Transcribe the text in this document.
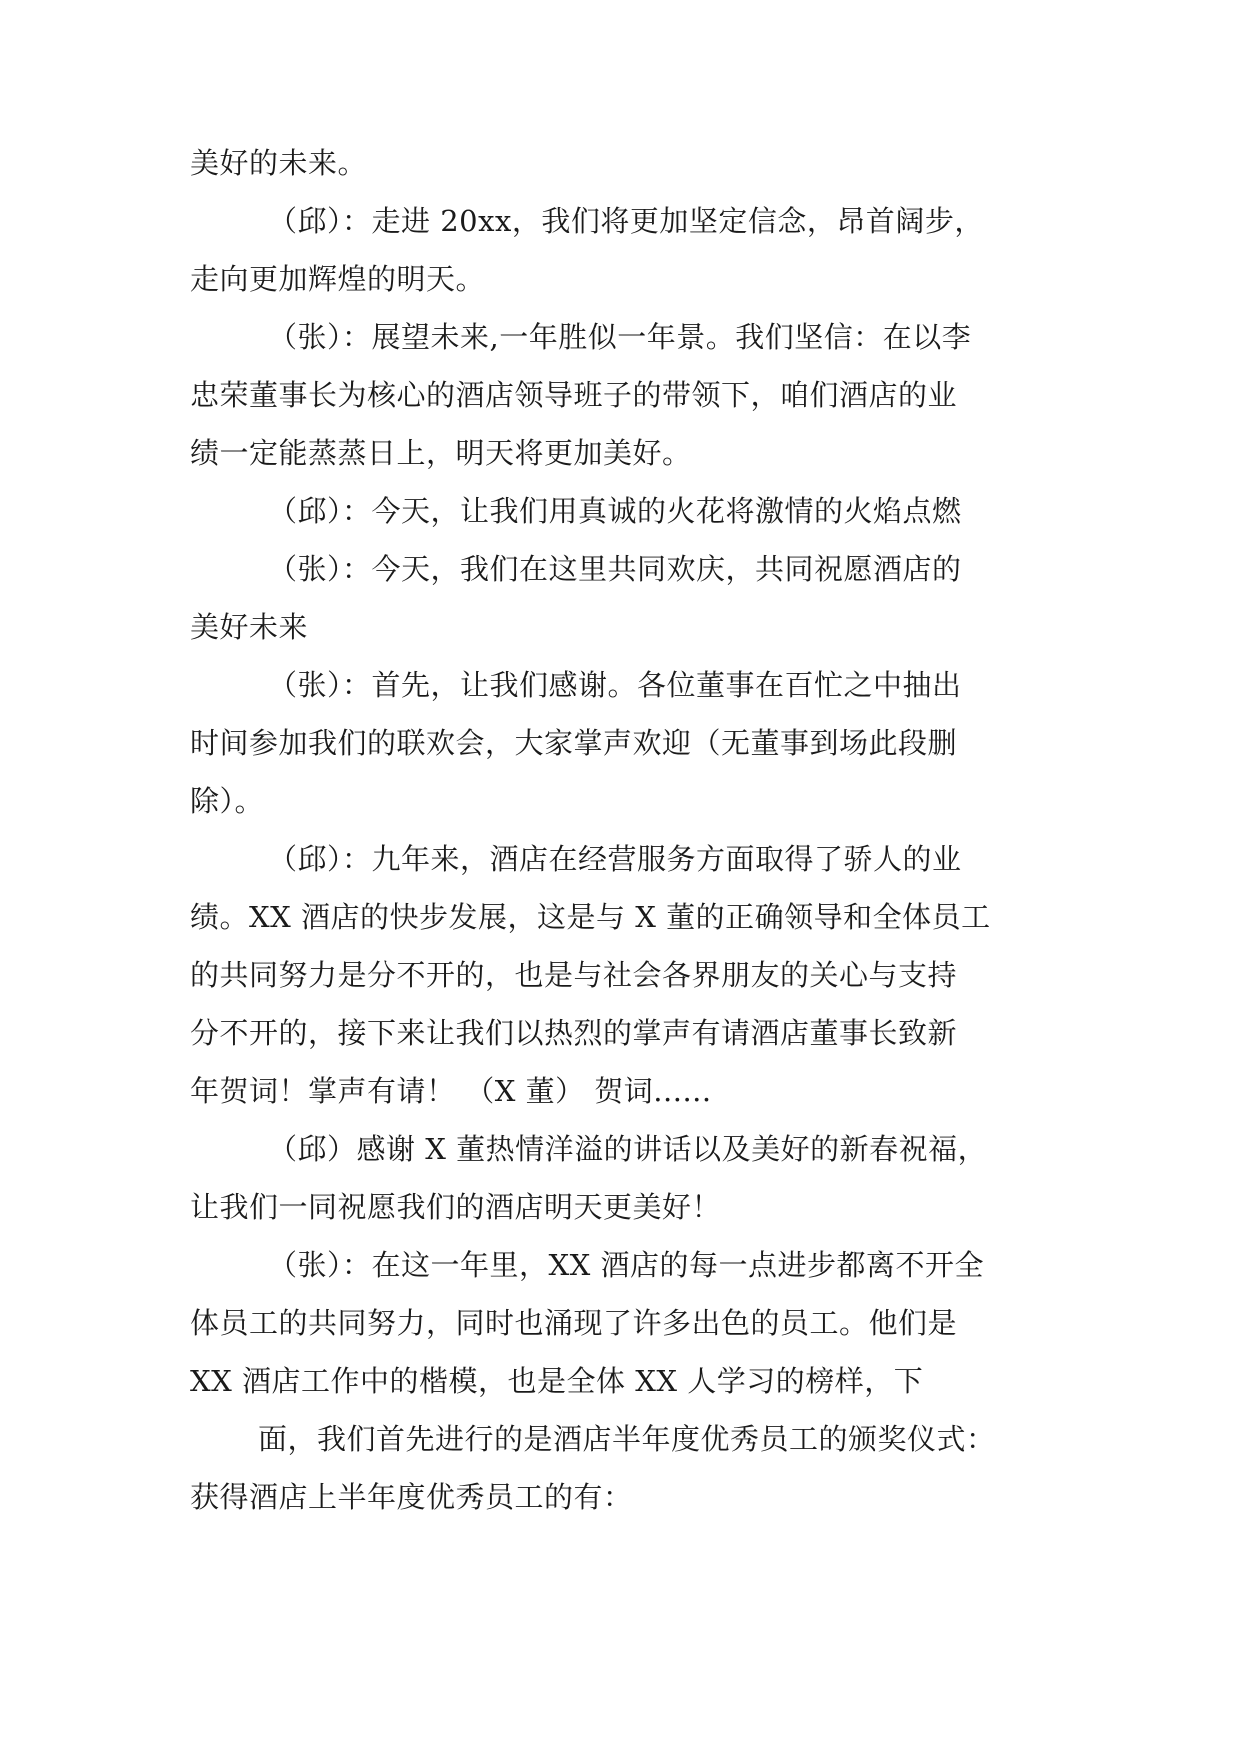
美好的未来。
（邱）：走进 20xx，我们将更加坚定信念，昂首阔步，
走向更加辉煌的明天。
（张）：展望未来,一年胜似一年景。我们坚信：在以李
忠荣董事长为核心的酒店领导班子的带领下，咱们酒店的业
绩一定能蒸蒸日上，明天将更加美好。
（邱）：今天，让我们用真诚的火花将激情的火焰点燃
（张）：今天，我们在这里共同欢庆，共同祝愿酒店的
美好未来
（张）：首先，让我们感谢。各位董事在百忙之中抽出
时间参加我们的联欢会，大家掌声欢迎（无董事到场此段删
除）。
（邱）：九年来，酒店在经营服务方面取得了骄人的业
绩。XX 酒店的快步发展，这是与 X 董的正确领导和全体员工
的共同努力是分不开的，也是与社会各界朋友的关心与支持
分不开的，接下来让我们以热烈的掌声有请酒店董事长致新
年贺词！掌声有请！ （X 董） 贺词......
（邱）感谢 X 董热情洋溢的讲话以及美好的新春祝福，
让我们一同祝愿我们的酒店明天更美好！
（张）：在这一年里，XX 酒店的每一点进步都离不开全
体员工的共同努力，同时也涌现了许多出色的员工。他们是
XX 酒店工作中的楷模，也是全体 XX 人学习的榜样，下
面，我们首先进行的是酒店半年度优秀员工的颁奖仪式：
获得酒店上半年度优秀员工的有：
